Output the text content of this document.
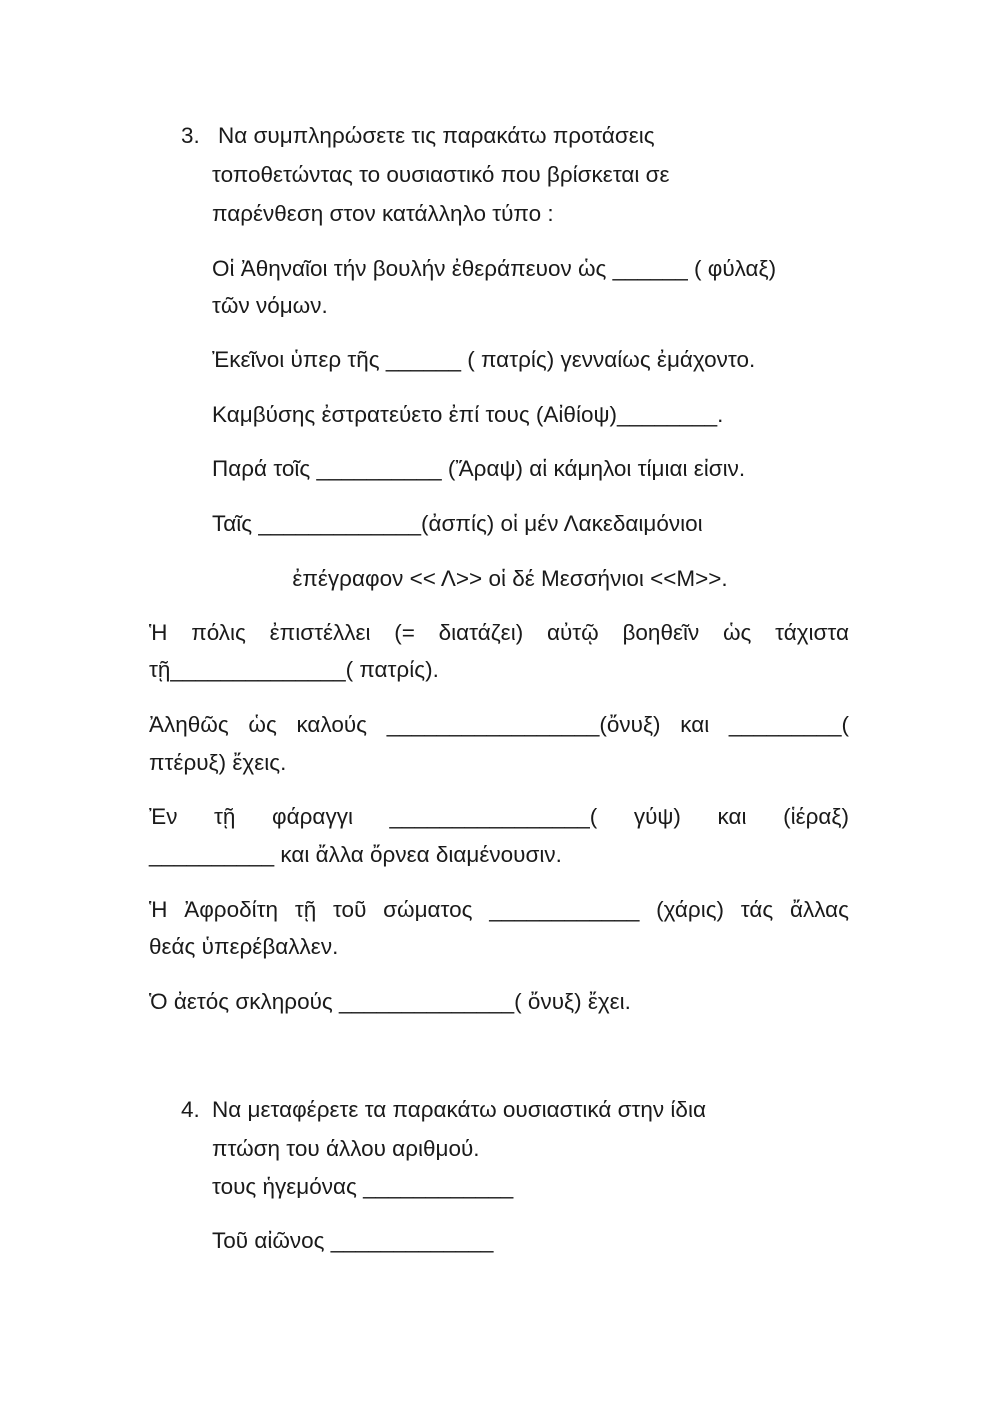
3. Να συμπληρώσετε τις παρακάτω προτάσεις
τοποθετώντας το ουσιαστικό που βρίσκεται σε
παρένθεση στον κατάλληλο τύπο :
Οἱ Ἀθηναῖοι τήν βουλήν ἐθεράπευον ὡς ______ ( φύλαξ)
τῶν νόμων.
Ἐκεῖνοι ὑπερ τῆς ______ ( πατρίς) γενναίως ἐμάχοντο.
Καμβύσης ἐστρατεύετο ἐπί τους (Αἰθίοψ)________.
Παρά τοῖς __________ (Ἄραψ) αἱ κάμηλοι τίμιαι εἰσιν.
Ταῖς _____________(ἀσπίς) οἱ μέν Λακεδαιμόνιοι
ἐπέγραφον << Λ>> οἱ δέ Μεσσήνιοι <<Μ>>.
Ἡ πόλις ἐπιστέλλει (= διατάζει) αὐτῷ βοηθεῖν ὡς τάχιστα
τῇ______________( πατρίς).
Ἀληθῶς ὡς καλούς _________________(ὄνυξ) και _________(
πτέρυξ) ἔχεις.
Ἐν τῇ φάραγγι ________________( γύψ) και (ἱέραξ)
__________ και ἄλλα ὄρνεα διαμένουσιν.
Ἡ Ἀφροδίτη τῇ τοῦ σώματος ____________ (χάρις) τάς ἄλλας
θεάς ὑπερέβαλλεν.
Ὁ ἀετός σκληρούς ______________( ὄνυξ) ἔχει.
4. Να μεταφέρετε τα παρακάτω ουσιαστικά στην ίδια
πτώση του άλλου αριθμού.
τους ἡγεμόνας ____________
Τοῦ αἰῶνος _____________
